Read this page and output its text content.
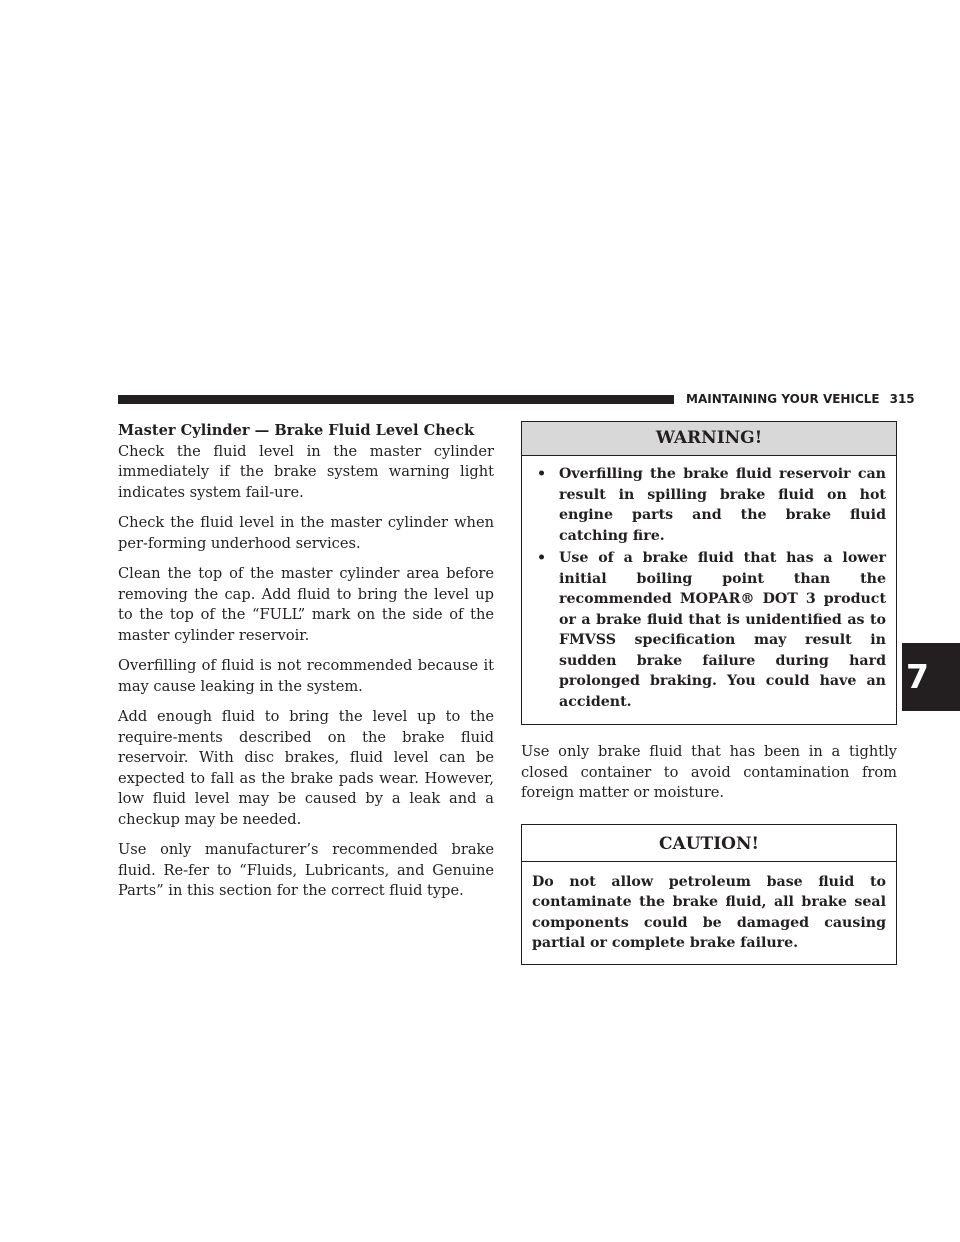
MAINTAINING YOUR VEHICLE 315
7
Master Cylinder — Brake Fluid Level Check

Check the fluid level in the master cylinder immediately if the brake system warning light indicates system fail-ure.

Check the fluid level in the master cylinder when per-forming underhood services.

Clean the top of the master cylinder area before removing the cap. Add fluid to bring the level up to the top of the “FULL” mark on the side of the master cylinder reservoir.

Overfilling of fluid is not recommended because it may cause leaking in the system.

Add enough fluid to bring the level up to the require-ments described on the brake fluid reservoir. With disc brakes, fluid level can be expected to fall as the brake pads wear. However, low fluid level may be caused by a leak and a checkup may be needed.

Use only manufacturer’s recommended brake fluid. Re-fer to “Fluids, Lubricants, and Genuine Parts” in this section for the correct fluid type.

WARNING!
• Overfilling the brake fluid reservoir can result in spilling brake fluid on hot engine parts and the brake fluid catching fire.
• Use of a brake fluid that has a lower initial boiling point than the recommended MOPAR® DOT 3 product or a brake fluid that is unidentified as to FMVSS specification may result in sudden brake failure during hard prolonged braking. You could have an accident.

Use only brake fluid that has been in a tightly closed container to avoid contamination from foreign matter or moisture.

CAUTION!
Do not allow petroleum base fluid to contaminate the brake fluid, all brake seal components could be damaged causing partial or complete brake failure.
